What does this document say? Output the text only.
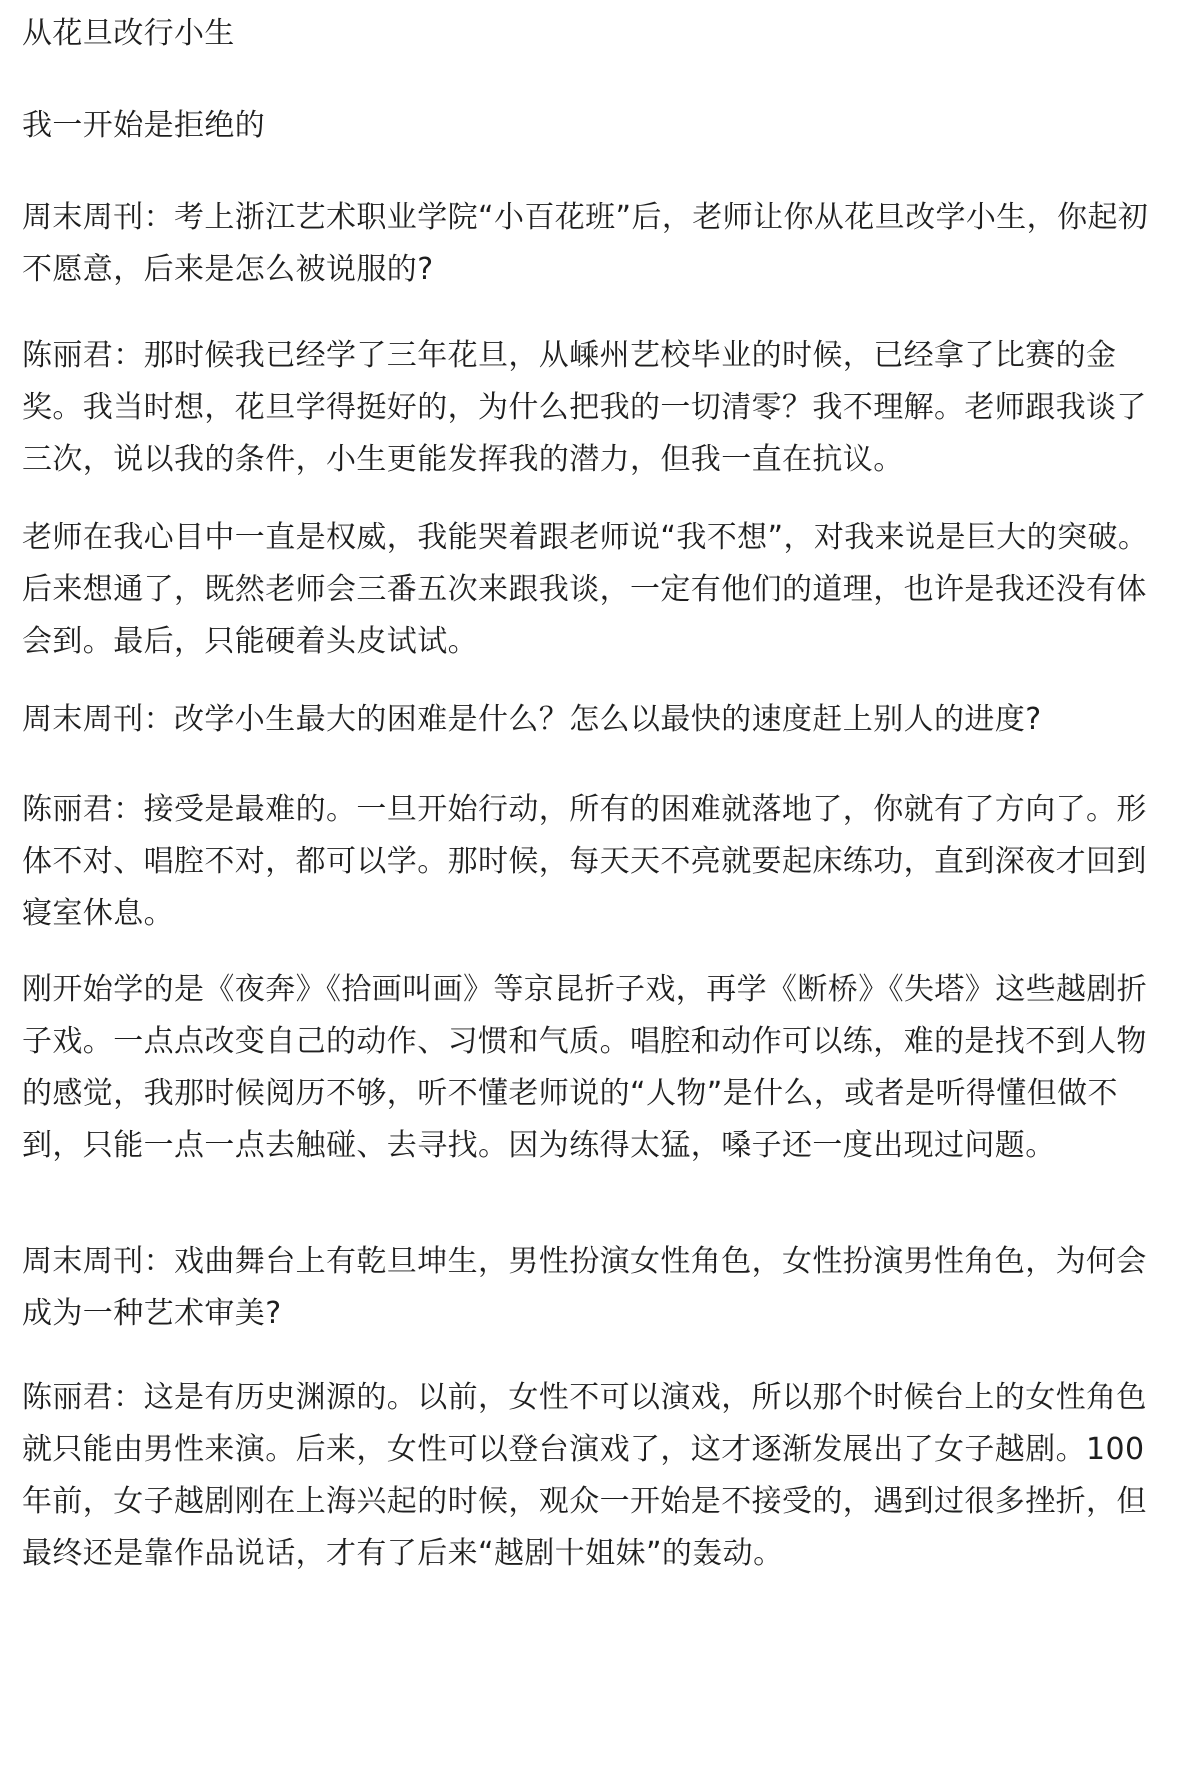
从花旦改行小生

我一开始是拒绝的

周末周刊：考上浙江艺术职业学院“小百花班”后，老师让你从花旦改学小生，你起初不愿意，后来是怎么被说服的?

陈丽君：那时候我已经学了三年花旦，从嵊州艺校毕业的时候，已经拿了比赛的金奖。我当时想，花旦学得挺好的，为什么把我的一切清零？我不理解。老师跟我谈了三次，说以我的条件，小生更能发挥我的潜力，但我一直在抗议。

老师在我心目中一直是权威，我能哭着跟老师说“我不想”，对我来说是巨大的突破。后来想通了，既然老师会三番五次来跟我谈，一定有他们的道理，也许是我还没有体会到。最后，只能硬着头皮试试。

周末周刊：改学小生最大的困难是什么？怎么以最快的速度赶上别人的进度?

陈丽君：接受是最难的。一旦开始行动，所有的困难就落地了，你就有了方向了。形体不对、唱腔不对，都可以学。那时候，每天天不亮就要起床练功，直到深夜才回到寝室休息。

刚开始学的是《夜奔》《拾画叫画》等京昆折子戏，再学《断桥》《失塔》这些越剧折子戏。一点点改变自己的动作、习惯和气质。唱腔和动作可以练，难的是找不到人物的感觉，我那时候阅历不够，听不懂老师说的“人物”是什么，或者是听得懂但做不到，只能一点一点去触碰、去寻找。因为练得太猛，嗓子还一度出现过问题。

周末周刊：戏曲舞台上有乾旦坤生，男性扮演女性角色，女性扮演男性角色，为何会成为一种艺术审美?

陈丽君：这是有历史渊源的。以前，女性不可以演戏，所以那个时候台上的女性角色就只能由男性来演。后来，女性可以登台演戏了，这才逐渐发展出了女子越剧。100年前，女子越剧刚在上海兴起的时候，观众一开始是不接受的，遇到过很多挫折，但最终还是靠作品说话，才有了后来“越剧十姐妹”的轰动。
